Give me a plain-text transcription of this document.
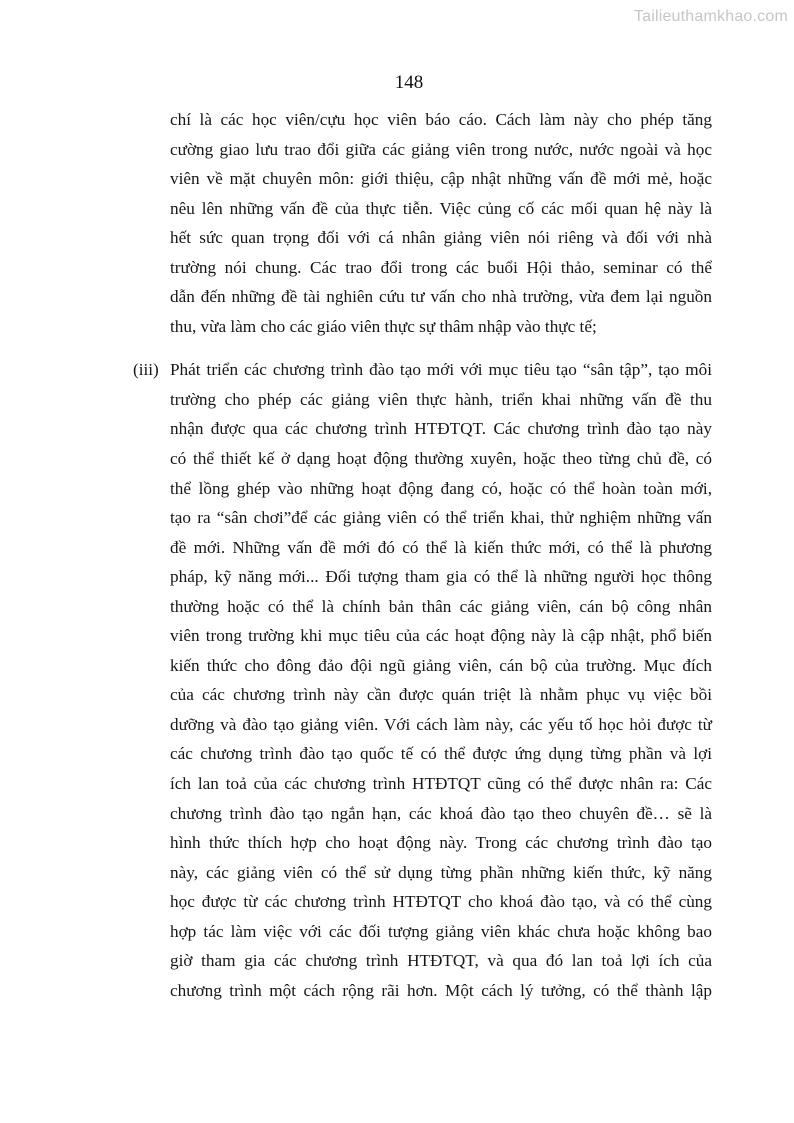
Tailieuthamkhao.com
148
chí là các học viên/cựu học viên báo cáo. Cách làm này cho phép tăng
cường giao lưu trao đổi giữa các giảng viên trong nước, nước ngoài và học
viên về mặt chuyên môn: giới thiệu, cập nhật những vấn đề mới mẻ, hoặc
nêu lên những vấn đề của thực tiễn. Việc củng cố các mối quan hệ này là
hết sức quan trọng đối với cá nhân giảng viên nói riêng và đối với nhà
trường nói chung. Các trao đổi trong các buổi Hội thảo, seminar có thể
dẫn đến những đề tài nghiên cứu tư vấn cho nhà trường, vừa đem lại nguồn
thu, vừa làm cho các giáo viên thực sự thâm nhập vào thực tế;
(iii) Phát triển các chương trình đào tạo mới với mục tiêu tạo “sân tập”, tạo môi
trường cho phép các giảng viên thực hành, triển khai những vấn đề thu
nhận được qua các chương trình HTĐTQT. Các chương trình đào tạo này
có thể thiết kế ở dạng hoạt động thường xuyên, hoặc theo từng chủ đề, có
thể lồng ghép vào những hoạt động đang có, hoặc có thể hoàn toàn mới,
tạo ra “sân chơi”để các giảng viên có thể triển khai, thử nghiệm những vấn
đề mới. Những vấn đề mới đó có thể là kiến thức mới, có thể là phương
pháp, kỹ năng mới... Đối tượng tham gia có thể là những người học thông
thường hoặc có thể là chính bản thân các giảng viên, cán bộ công nhân
viên trong trường khi mục tiêu của các hoạt động này là cập nhật, phổ biến
kiến thức cho đông đảo đội ngũ giảng viên, cán bộ của trường. Mục đích
của các chương trình này cần được quán triệt là nhằm phục vụ việc bồi
dưỡng và đào tạo giảng viên. Với cách làm này, các yếu tố học hỏi được từ
các chương trình đào tạo quốc tế có thể được ứng dụng từng phần và lợi
ích lan toả của các chương trình HTĐTQT cũng có thể được nhân ra: Các
chương trình đào tạo ngắn hạn, các khoá đào tạo theo chuyên đề… sẽ là
hình thức thích hợp cho hoạt động này. Trong các chương trình đào tạo
này, các giảng viên có thể sử dụng từng phần những kiến thức, kỹ năng
học được từ các chương trình HTĐTQT cho khoá đào tạo, và có thể cùng
hợp tác làm việc với các đối tượng giảng viên khác chưa hoặc không bao
giờ tham gia các chương trình HTĐTQT, và qua đó lan toả lợi ích của
chương trình một cách rộng rãi hơn. Một cách lý tưởng, có thể thành lập
